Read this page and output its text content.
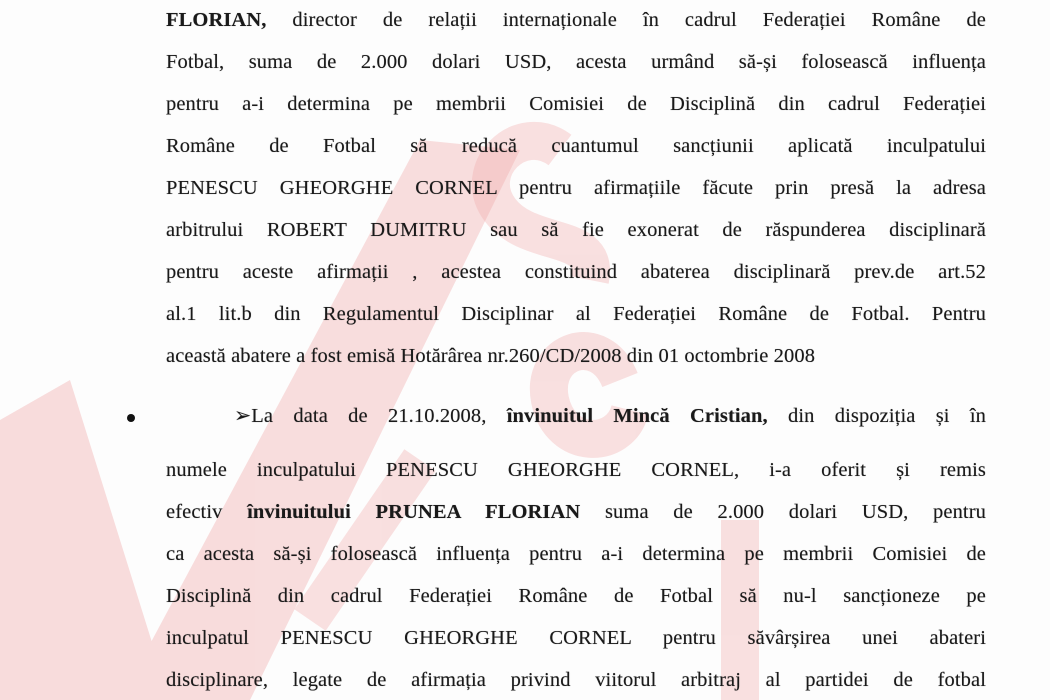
FLORIAN, director de relații internaționale în cadrul Federației Române de
Fotbal, suma de 2.000 dolari USD, acesta urmând să-și folosească influența
pentru a-i determina pe membrii Comisiei de Disciplină din cadrul Federației
Române de Fotbal să reducă cuantumul sancțiunii aplicată inculpatului
PENESCU GHEORGHE CORNEL pentru afirmațiile făcute prin presă la adresa
arbitrului ROBERT DUMITRU sau să fie exonerat de răspunderea disciplinară
pentru aceste afirmații , acestea constituind abaterea disciplinară prev.de art.52
al.1 lit.b din Regulamentul Disciplinar al Federației Române de Fotbal. Pentru
această abatere a fost emisă Hotărârea nr.260/CD/2008 din 01 octombrie 2008
➢La data de 21.10.2008, învinuitul Mincă Cristian, din dispoziția și în
numele inculpatului PENESCU GHEORGHE CORNEL, i-a oferit și remis
efectiv învinuitului PRUNEA FLORIAN suma de 2.000 dolari USD, pentru
ca acesta să-și folosească influența pentru a-i determina pe membrii Comisiei de
Disciplină din cadrul Federației Române de Fotbal să nu-l sancționeze pe
inculpatul PENESCU GHEORGHE CORNEL pentru săvârșirea unei abateri
disciplinare, legate de afirmația privind viitorul arbitraj al partidei de fotbal
